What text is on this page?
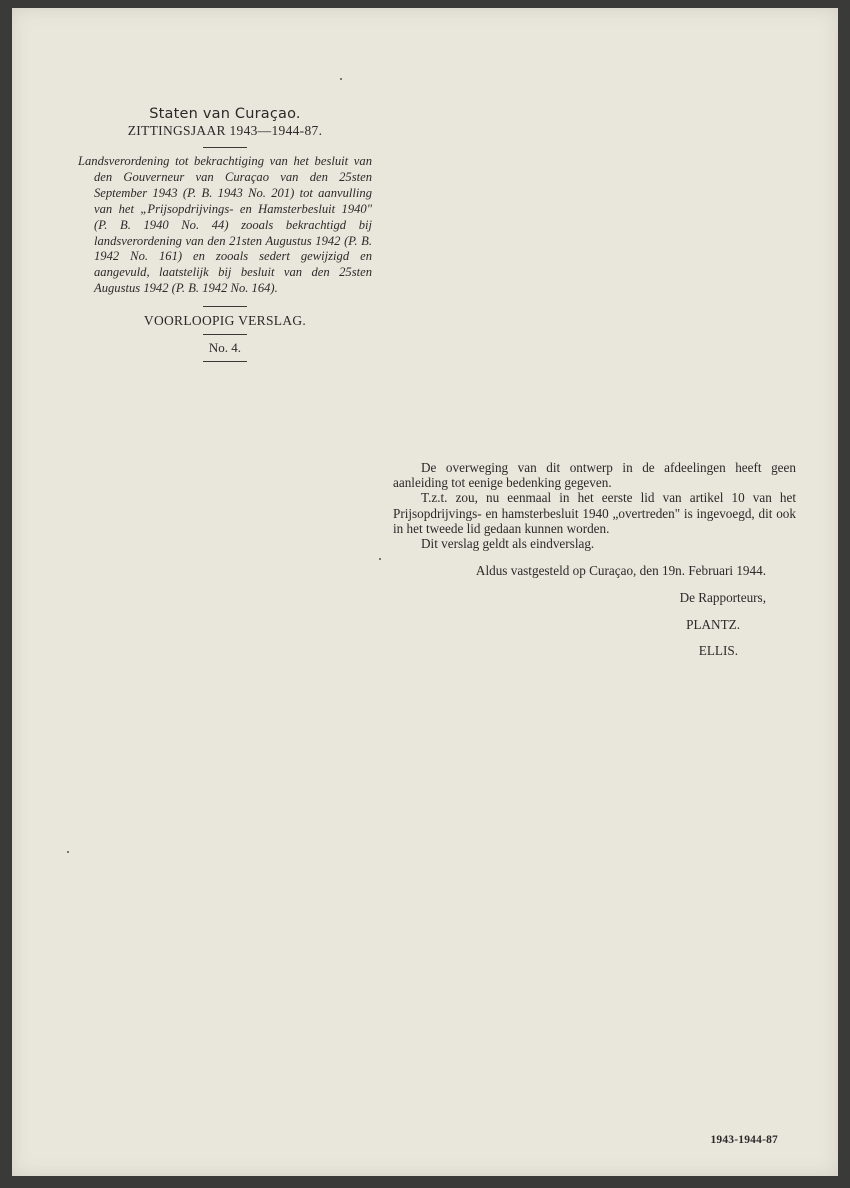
Staten van Curaçao.

ZITTINGSJAAR 1943—1944-87.

Landsverordening tot bekrachtiging van het besluit van den Gouverneur van Curaçao van den 25sten September 1943 (P. B. 1943 No. 201) tot aanvulling van het „Prijsopdrijvings- en Hamsterbesluit 1940" (P. B. 1940 No. 44) zooals bekrachtigd bij landsverordening van den 21sten Augustus 1942 (P. B. 1942 No. 161) en zooals sedert gewijzigd en aangevuld, laatstelijk bij besluit van den 25sten Augustus 1942 (P. B. 1942 No. 164).

VOORLOOPIG VERSLAG.

No. 4.

De overweging van dit ontwerp in de afdeelingen heeft geen aanleiding tot eenige bedenking gegeven.

T.z.t. zou, nu eenmaal in het eerste lid van artikel 10 van het Prijsopdrijvings- en hamsterbesluit 1940 „overtreden" is ingevoegd, dit ook in het tweede lid gedaan kunnen worden.

Dit verslag geldt als eindverslag.

Aldus vastgesteld op Curaçao, den 19n. Februari 1944.

De Rapporteurs,

PLANTZ.

ELLIS.

1943-1944-87
